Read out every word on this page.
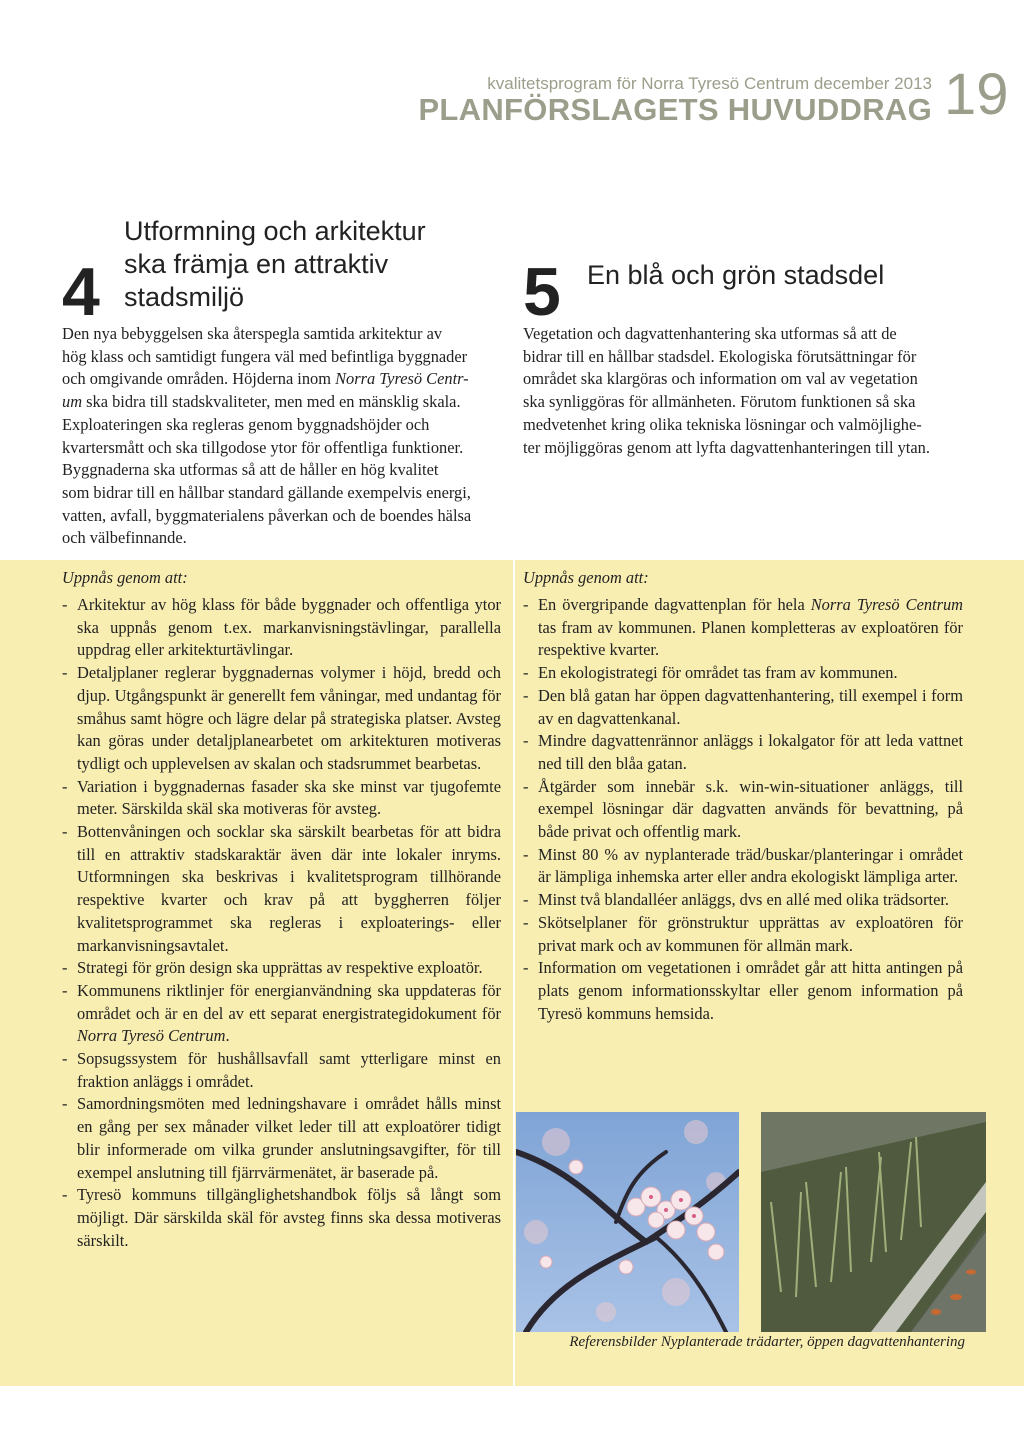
kvalitetsprogram för Norra Tyresö Centrum december 2013
PLANFÖRSLAGETS HUVUDDRAG 19
4
Utformning och arkitektur
ska främja en attraktiv
stadsmiljö
Den nya bebyggelsen ska återspegla samtida arkitektur av
hög klass och samtidigt fungera väl med befintliga byggnader
och omgivande områden. Höjderna inom Norra Tyresö Centr-
um ska bidra till stadskvaliteter, men med en mänsklig skala.
Exploateringen ska regleras genom byggnadshöjder och
kvartersmått och ska tillgodose ytor för offentliga funktioner.
Byggnaderna ska utformas så att de håller en hög kvalitet
som bidrar till en hållbar standard gällande exempelvis energi,
vatten, avfall, byggmaterialens påverkan och de boendes hälsa
och välbefinnande.
5 En blå och grön stadsdel
Vegetation och dagvattenhantering ska utformas så att de
bidrar till en hållbar stadsdel. Ekologiska förutsättningar för
området ska klargöras och information om val av vegetation
ska synliggöras för allmänheten. Förutom funktionen så ska
medvetenhet kring olika tekniska lösningar och valmöjlighe-
ter möjliggöras genom att lyfta dagvattenhanteringen till ytan.
Uppnås genom att:
- Arkitektur av hög klass för både byggnader och offentliga ytor ska uppnås genom t.ex. markanvisningstävlingar, parallella uppdrag eller arkitekturtävlingar.
- Detaljplaner reglerar byggnadernas volymer i höjd, bredd och djup. Utgångspunkt är generellt fem våningar, med undantag för småhus samt högre och lägre delar på strategiska platser. Avsteg kan göras under detaljplanearbetet om arkitekturen motiveras tydligt och upplevelsen av skalan och stadsrummet bearbetas.
- Variation i byggnadernas fasader ska ske minst var tjugofemte meter. Särskilda skäl ska motiveras för avsteg.
- Bottenvåningen och socklar ska särskilt bearbetas för att bidra till en attraktiv stadskaraktär även där inte lokaler inryms. Utformningen ska beskrivas i kvalitetsprogram tillhörande respektive kvarter och krav på att byggherren följer kvalitetsprogrammet ska regleras i exploaterings- eller markanvisningsavtalet.
- Strategi för grön design ska upprättas av respektive exploatör.
- Kommunens riktlinjer för energianvändning ska uppdateras för området och är en del av ett separat energistrategidokument för Norra Tyresö Centrum.
- Sopsugssystem för hushållsavfall samt ytterligare minst en fraktion anläggs i området.
- Samordningsmöten med ledningshavare i området hålls minst en gång per sex månader vilket leder till att exploatörer tidigt blir informerade om vilka grunder anslutningsavgifter, för till exempel anslutning till fjärrvärmenätet, är baserade på.
- Tyresö kommuns tillgänglighetshandbok följs så långt som möjligt. Där särskilda skäl för avsteg finns ska dessa motiveras särskilt.
Uppnås genom att:
- En övergripande dagvattenplan för hela Norra Tyresö Centrum tas fram av kommunen. Planen kompletteras av exploatören för respektive kvarter.
- En ekologistrategi för området tas fram av kommunen.
- Den blå gatan har öppen dagvattenhantering, till exempel i form av en dagvattenkanal.
- Mindre dagvattenrännor anläggs i lokalgator för att leda vattnet ned till den blåa gatan.
- Åtgärder som innebär s.k. win-win-situationer anläggs, till exempel lösningar där dagvatten används för bevattning, på både privat och offentlig mark.
- Minst 80 % av nyplanterade träd/buskar/planteringar i området är lämpliga inhemska arter eller andra ekologiskt lämpliga arter.
- Minst två blandalléer anläggs, dvs en allé med olika trädsorter.
- Skötselplaner för grönstruktur upprättas av exploatören för privat mark och av kommunen för allmän mark.
- Information om vegetationen i området går att hitta antingen på plats genom informationsskyltar eller genom information på Tyresö kommuns hemsida.
Referensbilder Nyplanterade trädarter, öppen dagvattenhantering
